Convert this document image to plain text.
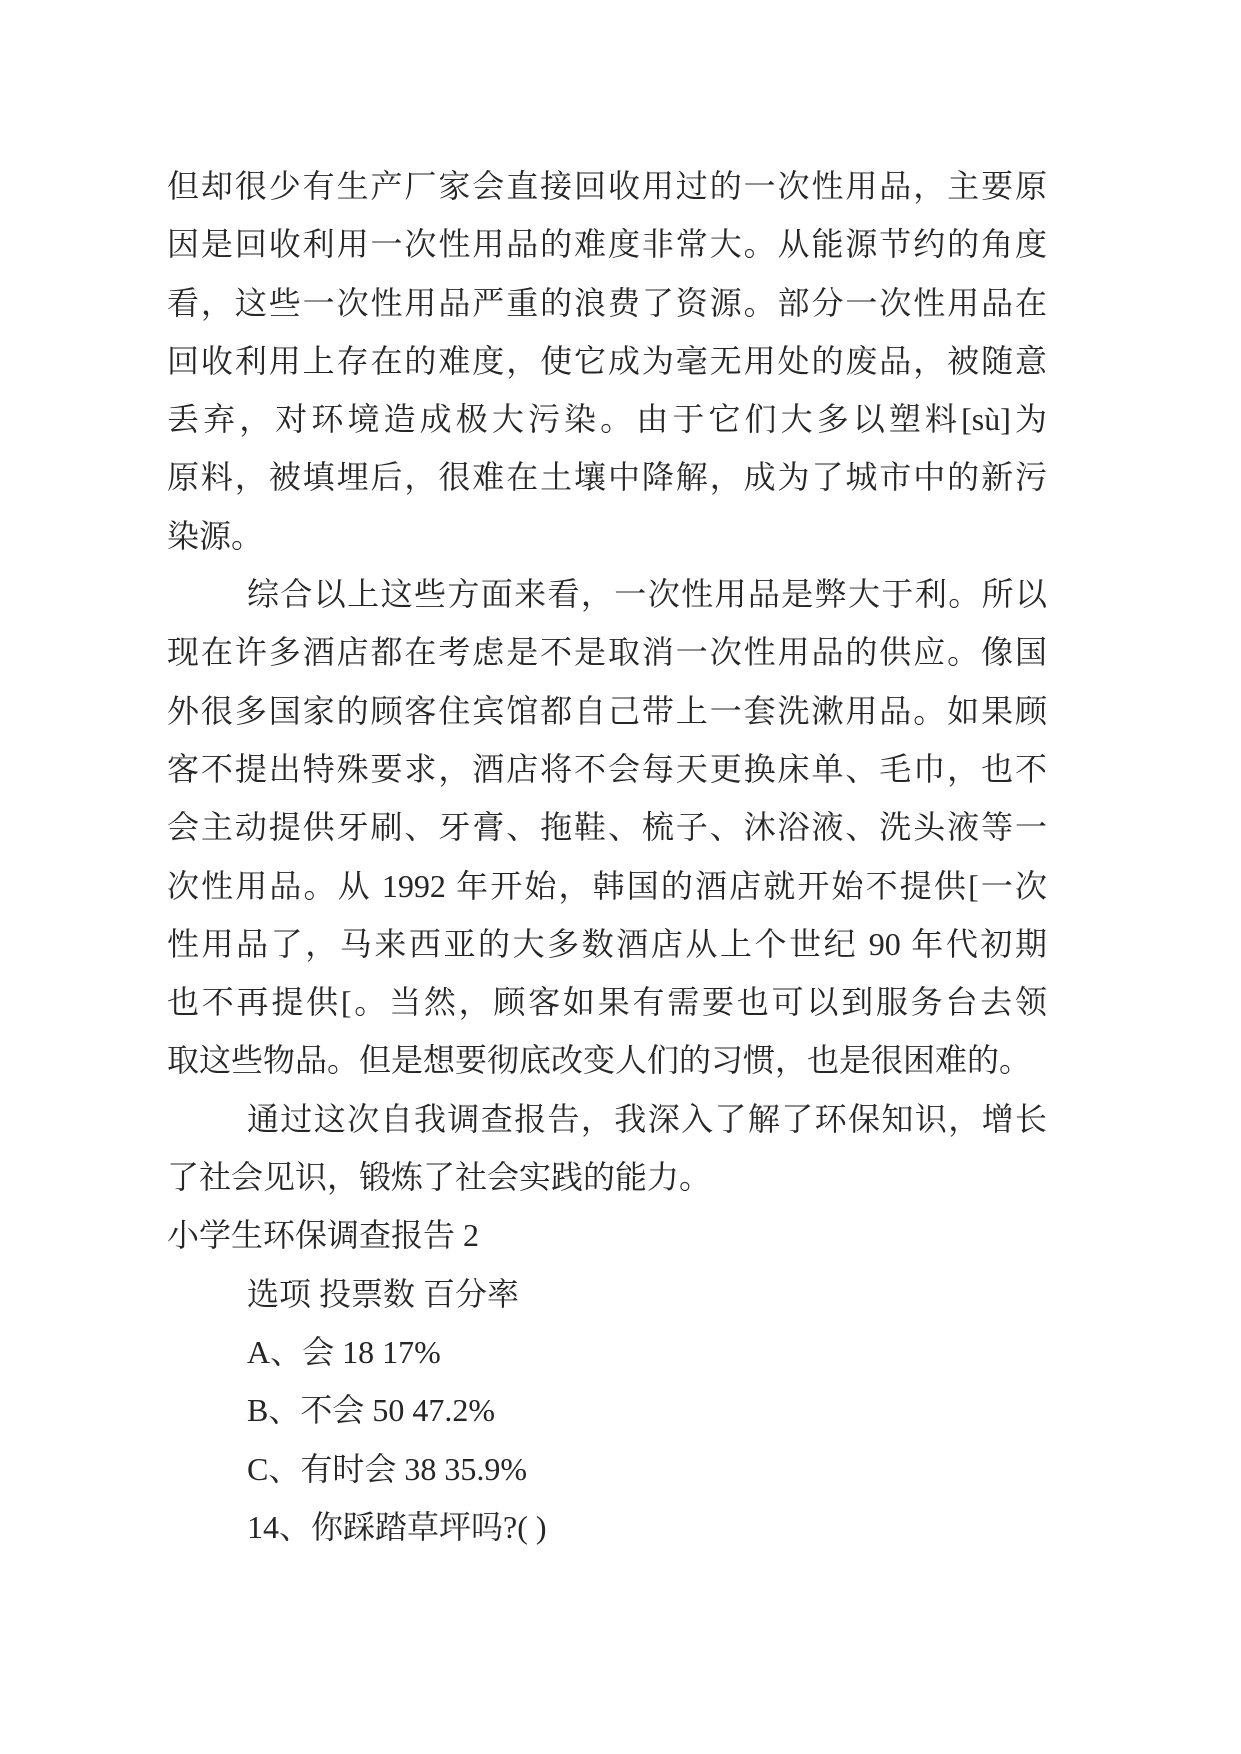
但却很少有生产厂家会直接回收用过的一次性用品，主要原
因是回收利用一次性用品的难度非常大。从能源节约的角度
看，这些一次性用品严重的浪费了资源。部分一次性用品在
回收利用上存在的难度，使它成为毫无用处的废品，被随意
丢弃，对环境造成极大污染。由于它们大多以塑料[sù]为
原料，被填埋后，很难在土壤中降解，成为了城市中的新污
染源。
综合以上这些方面来看，一次性用品是弊大于利。所以
现在许多酒店都在考虑是不是取消一次性用品的供应。像国
外很多国家的顾客住宾馆都自己带上一套洗漱用品。如果顾
客不提出特殊要求，酒店将不会每天更换床单、毛巾，也不
会主动提供牙刷、牙膏、拖鞋、梳子、沐浴液、洗头液等一
次性用品。从 1992 年开始，韩国的酒店就开始不提供[一次
性用品了，马来西亚的大多数酒店从上个世纪 90 年代初期
也不再提供[。当然，顾客如果有需要也可以到服务台去领
取这些物品。但是想要彻底改变人们的习惯，也是很困难的。
通过这次自我调查报告，我深入了解了环保知识，增长
了社会见识，锻炼了社会实践的能力。
小学生环保调查报告 2
选项 投票数 百分率
A、会 18 17%
B、不会 50 47.2%
C、有时会 38 35.9%
14、你踩踏草坪吗?( )
